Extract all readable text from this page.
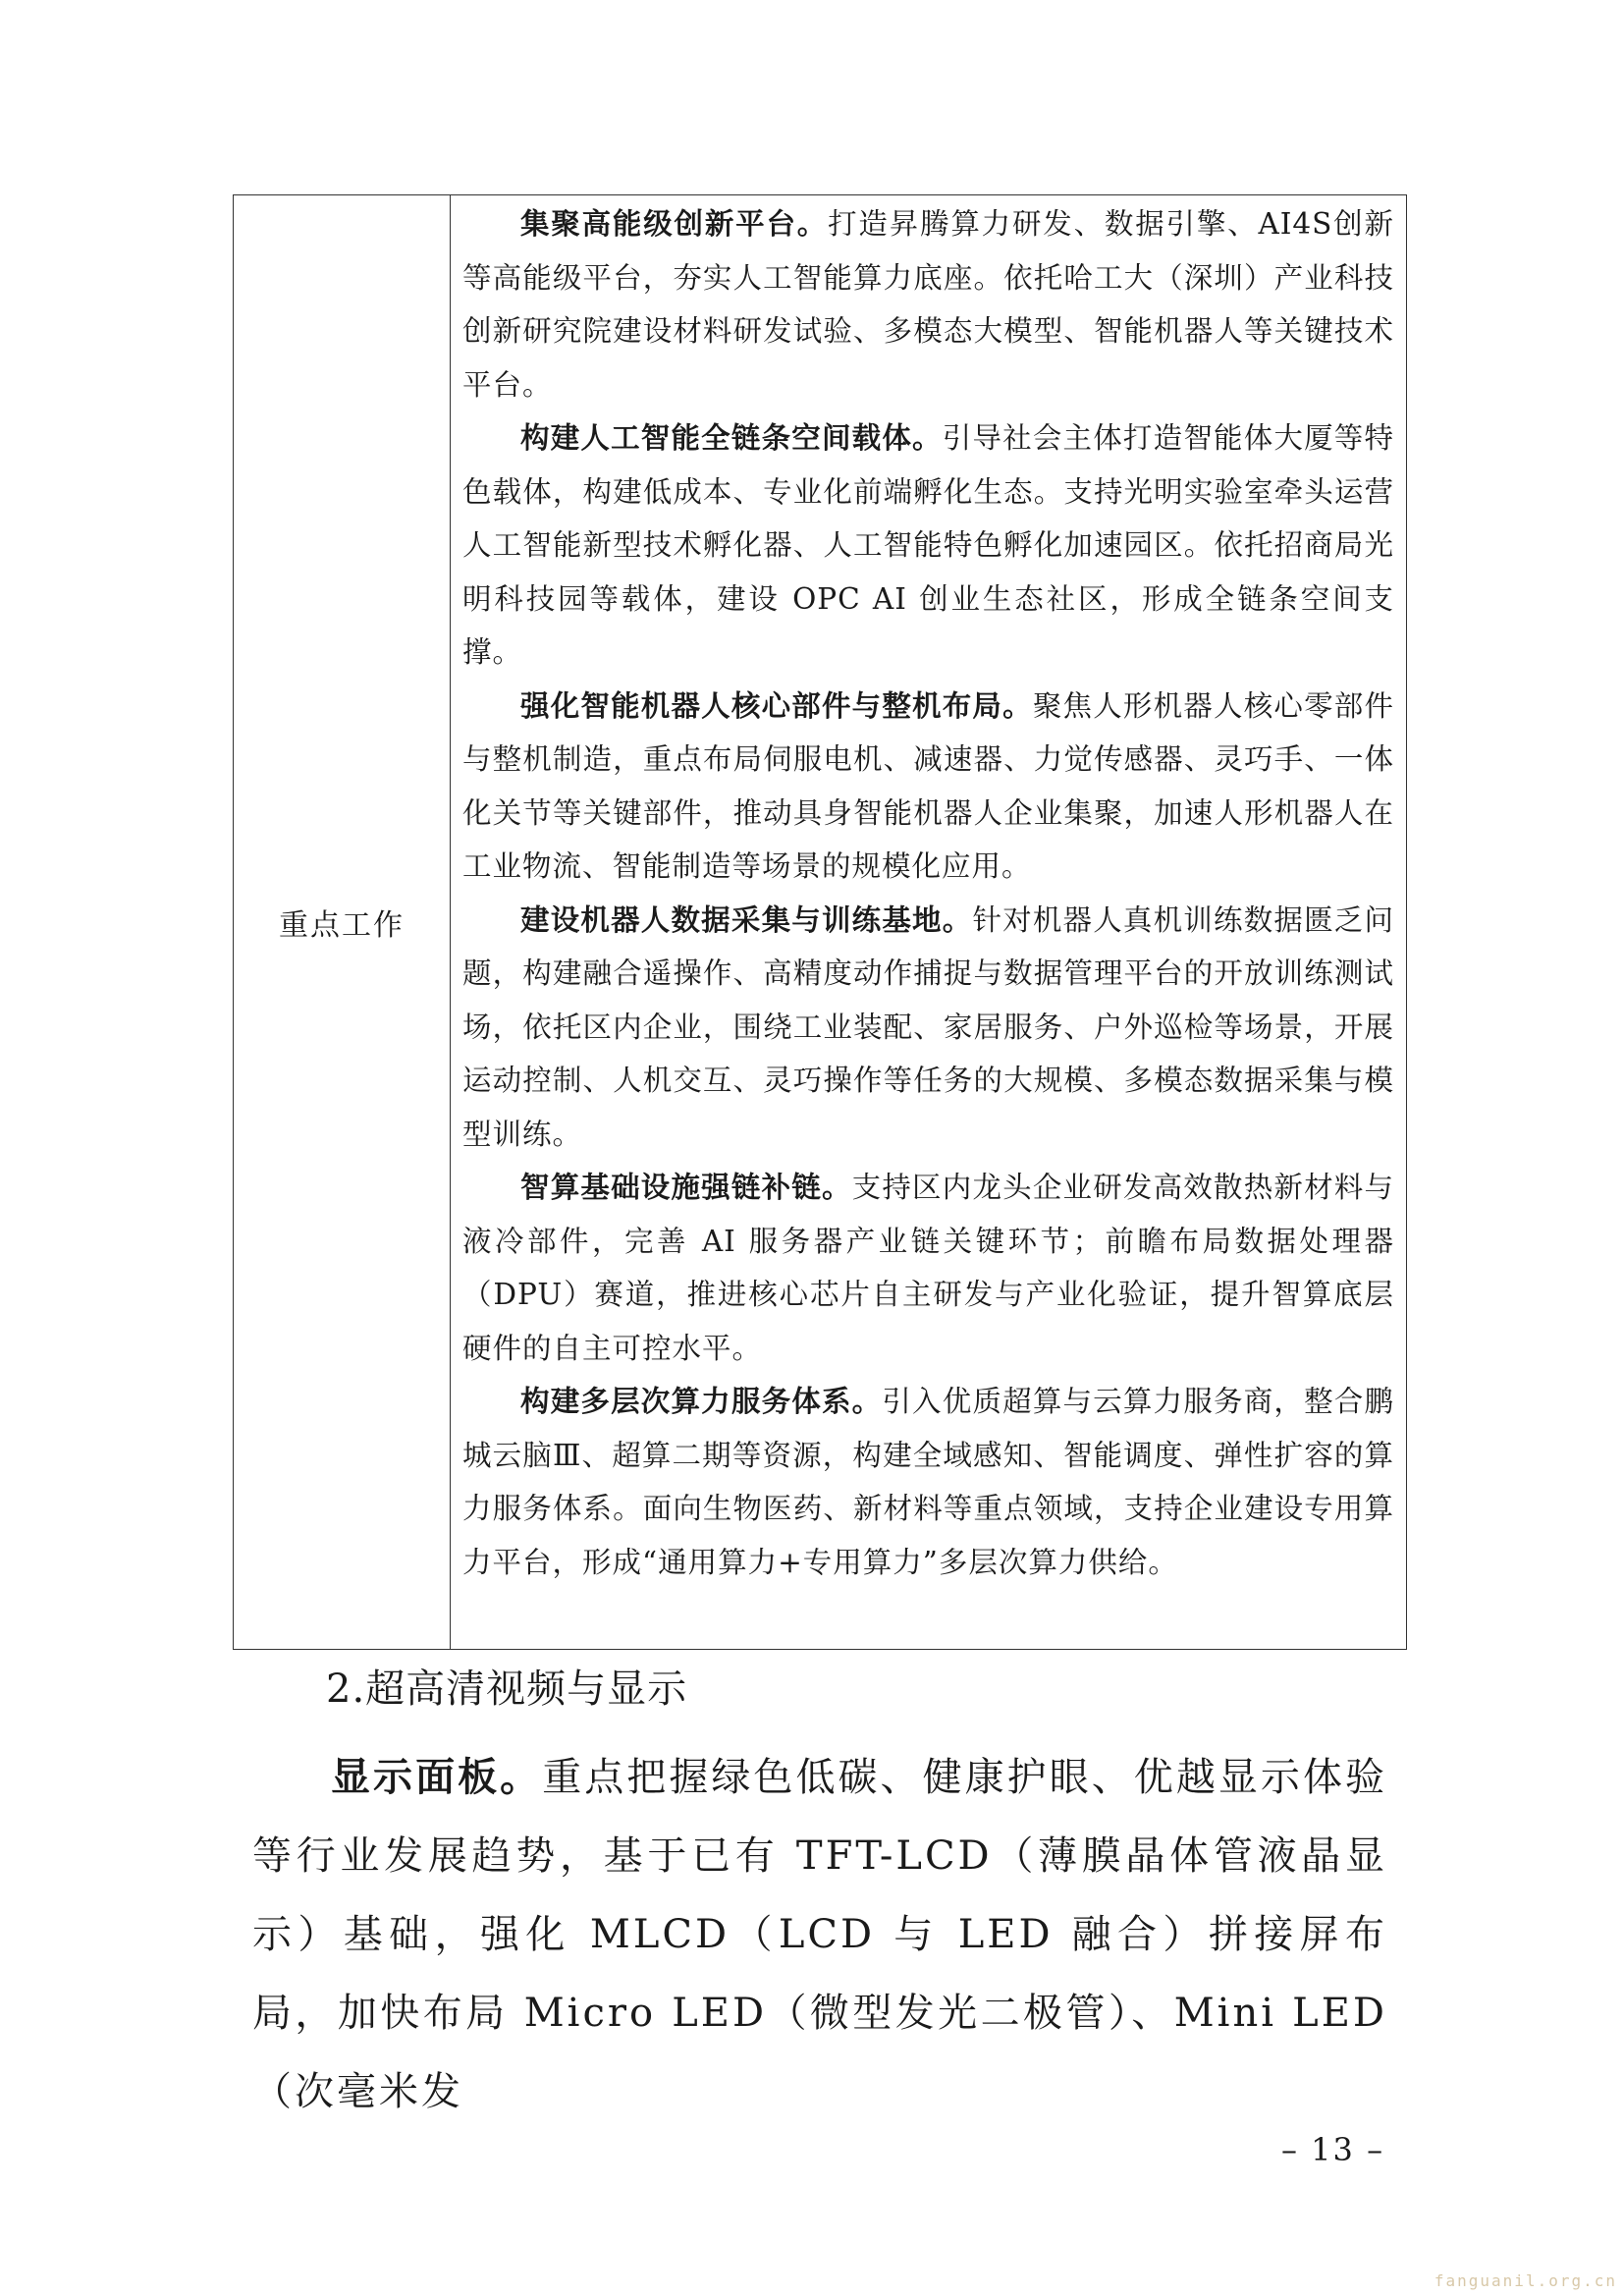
重点工作	

集聚高能级创新平台。打造昇腾算力研发、数据引擎、AI4S创新等高能级平台，夯实人工智能算力底座。依托哈工大（深圳）产业科技创新研究院建设材料研发试验、多模态大模型、智能机器人等关键技术平台。

构建人工智能全链条空间载体。引导社会主体打造智能体大厦等特色载体，构建低成本、专业化前端孵化生态。支持光明实验室牵头运营人工智能新型技术孵化器、人工智能特色孵化加速园区。依托招商局光明科技园等载体，建设 OPC AI 创业生态社区，形成全链条空间支撑。

强化智能机器人核心部件与整机布局。聚焦人形机器人核心零部件与整机制造，重点布局伺服电机、减速器、力觉传感器、灵巧手、一体化关节等关键部件，推动具身智能机器人企业集聚，加速人形机器人在工业物流、智能制造等场景的规模化应用。

建设机器人数据采集与训练基地。针对机器人真机训练数据匮乏问题，构建融合遥操作、高精度动作捕捉与数据管理平台的开放训练测试场，依托区内企业，围绕工业装配、家居服务、户外巡检等场景，开展运动控制、人机交互、灵巧操作等任务的大规模、多模态数据采集与模型训练。

智算基础设施强链补链。支持区内龙头企业研发高效散热新材料与液冷部件，完善 AI 服务器产业链关键环节；前瞻布局数据处理器（DPU）赛道，推进核心芯片自主研发与产业化验证，提升智算底层硬件的自主可控水平。

构建多层次算力服务体系。引入优质超算与云算力服务商，整合鹏城云脑Ⅲ、超算二期等资源，构建全域感知、智能调度、弹性扩容的算力服务体系。面向生物医药、新材料等重点领域，支持企业建设专用算力平台，形成“通用算力+专用算力”多层次算力供给。

2.超高清视频与显示

显示面板。重点把握绿色低碳、健康护眼、优越显示体验等行业发展趋势，基于已有 TFT-LCD（薄膜晶体管液晶显示）基础，强化 MLCD（LCD 与 LED 融合）拼接屏布局，加快布局 Micro LED（微型发光二极管）、Mini LED（次毫米发

– 13 –
fanguanil.org.cn
